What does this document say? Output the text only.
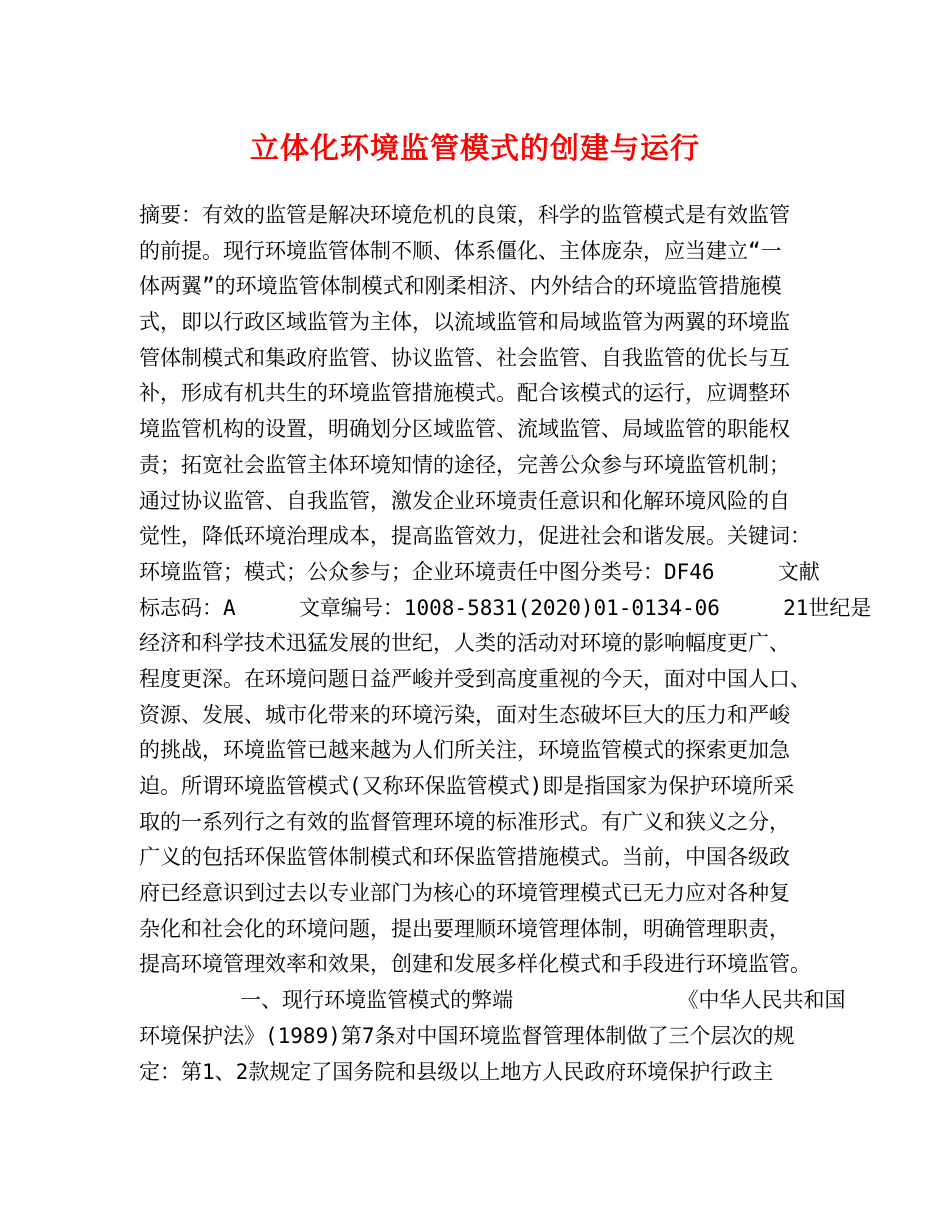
立体化环境监管模式的创建与运行
摘要：有效的监管是解决环境危机的良策，科学的监管模式是有效监管
的前提。现行环境监管体制不顺、体系僵化、主体庞杂，应当建立“一
体两翼”的环境监管体制模式和刚柔相济、内外结合的环境监管措施模
式，即以行政区域监管为主体，以流域监管和局域监管为两翼的环境监
管体制模式和集政府监管、协议监管、社会监管、自我监管的优长与互
补，形成有机共生的环境监管措施模式。配合该模式的运行，应调整环
境监管机构的设置，明确划分区域监管、流域监管、局域监管的职能权
责；拓宽社会监管主体环境知情的途径，完善公众参与环境监管机制；
通过协议监管、自我监管，激发企业环境责任意识和化解环境风险的自
觉性，降低环境治理成本，提高监管效力，促进社会和谐发展。关键词：
环境监管；模式；公众参与；企业环境责任中图分类号：DF46     文献
标志码：A     文章编号：1008-5831(2020)01-0134-06     21世纪是
经济和科学技术迅猛发展的世纪，人类的活动对环境的影响幅度更广、
程度更深。在环境问题日益严峻并受到高度重视的今天，面对中国人口、
资源、发展、城市化带来的环境污染，面对生态破坏巨大的压力和严峻
的挑战，环境监管已越来越为人们所关注，环境监管模式的探索更加急
迫。所谓环境监管模式(又称环保监管模式)即是指国家为保护环境所采
取的一系列行之有效的监督管理环境的标准形式。有广义和狭义之分，
广义的包括环保监管体制模式和环保监管措施模式。当前，中国各级政
府已经意识到过去以专业部门为核心的环境管理模式已无力应对各种复
杂化和社会化的环境问题，提出要理顺环境管理体制，明确管理职责，
提高环境管理效率和效果，创建和发展多样化模式和手段进行环境监管。
一、现行环境监管模式的弊端             《中华人民共和国
环境保护法》(1989)第7条对中国环境监督管理体制做了三个层次的规
定：第1、2款规定了国务院和县级以上地方人民政府环境保护行政主
